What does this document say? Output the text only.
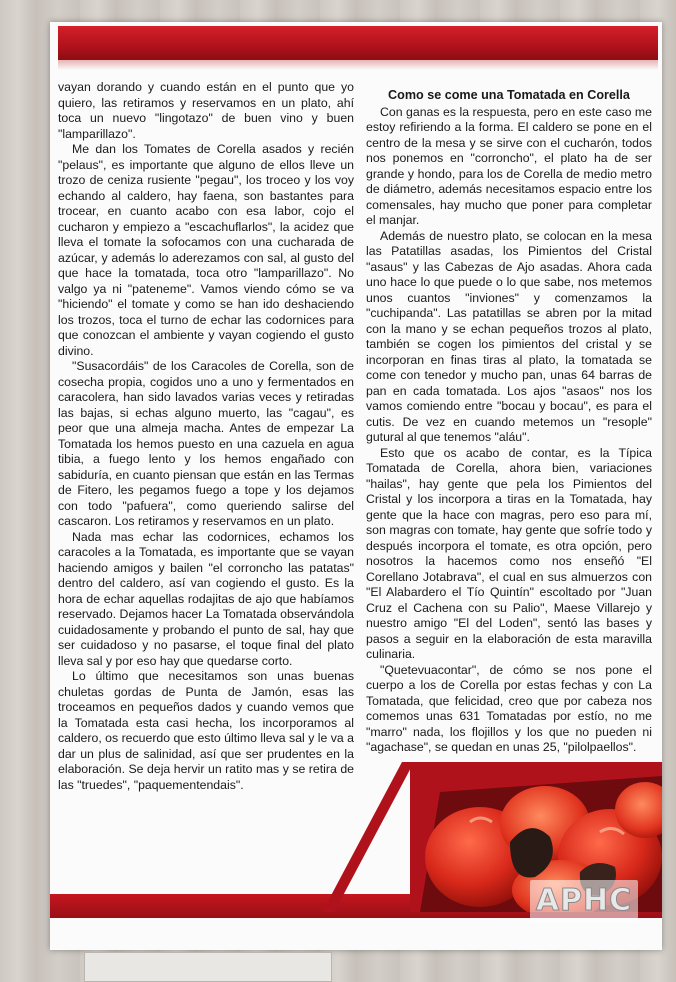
vayan dorando y cuando están en el punto que yo quiero, las retiramos y reservamos en un plato, ahí toca un nuevo "lingotazo" de buen vino y buen "lamparillazo".

Me dan los Tomates de Corella asados y recién "pelaus", es importante que alguno de ellos lleve un trozo de ceniza rusiente "pegau", los troceo y los voy echando al caldero, hay faena, son bastantes para trocear, en cuanto acabo con esa labor, cojo el cucharon y empiezo a "escachuflarlos", la acidez que lleva el tomate la sofocamos con una cucharada de azúcar, y además lo aderezamos con sal, al gusto del que hace la tomatada, toca otro "lamparillazo". No valgo ya ni "pateneme". Vamos viendo cómo se va "hiciendo" el tomate y como se han ido deshaciendo los trozos, toca el turno de echar las codornices para que conozcan el ambiente y vayan cogiendo el gusto divino.

"Susacordáis" de los Caracoles de Corella, son de cosecha propia, cogidos uno a uno y fermentados en caracolera, han sido lavados varias veces y retiradas las bajas, si echas alguno muerto, las "cagau", es peor que una almeja macha. Antes de empezar La Tomatada los hemos puesto en una cazuela en agua tibia, a fuego lento y los hemos engañado con sabiduría, en cuanto piensan que están en las Termas de Fitero, les pegamos fuego a tope y los dejamos con todo "pafuera", como queriendo salirse del cascaron. Los retiramos y reservamos en un plato.

Nada mas echar las codornices, echamos los caracoles a la Tomatada, es importante que se vayan haciendo amigos y bailen "el corroncho las patatas" dentro del caldero, así van cogiendo el gusto. Es la hora de echar aquellas rodajitas de ajo que habíamos reservado. Dejamos hacer La Tomatada observándola cuidadosamente y probando el punto de sal, hay que ser cuidadoso y no pasarse, el toque final del plato lleva sal y por eso hay que quedarse corto.

Lo último que necesitamos son unas buenas chuletas gordas de Punta de Jamón, esas las troceamos en pequeños dados y cuando vemos que la Tomatada esta casi hecha, los incorporamos al caldero, os recuerdo que esto último lleva sal y le va a dar un plus de salinidad, así que ser prudentes en la elaboración. Se deja hervir un ratito mas y se retira de las "truedes", "paquementendais".

Como se come una Tomatada en Corella

Con ganas es la respuesta, pero en este caso me estoy refiriendo a la forma. El caldero se pone en el centro de la mesa y se sirve con el cucharón, todos nos ponemos en "corroncho", el plato ha de ser grande y hondo, para los de Corella de medio metro de diámetro, además necesitamos espacio entre los comensales, hay mucho que poner para completar el manjar.

Además de nuestro plato, se colocan en la mesa las Patatillas asadas, los Pimientos del Cristal "asaus" y las Cabezas de Ajo asadas. Ahora cada uno hace lo que puede o lo que sabe, nos metemos unos cuantos "inviones" y comenzamos la "cuchipanda". Las patatillas se abren por la mitad con la mano y se echan pequeños trozos al plato, también se cogen los pimientos del cristal y se incorporan en finas tiras al plato, la tomatada se come con tenedor y mucho pan, unas 64 barras de pan en cada tomatada. Los ajos "asaos" nos los vamos comiendo entre "bocau y bocau", es para el cutis. De vez en cuando metemos un "resople" gutural al que tenemos "aláu".

Esto que os acabo de contar, es la Típica Tomatada de Corella, ahora bien, variaciones "hailas", hay gente que pela los Pimientos del Cristal y los incorpora a tiras en la Tomatada, hay gente que la hace con magras, pero eso para mí, son magras con tomate, hay gente que sofríe todo y después incorpora el tomate, es otra opción, pero nosotros la hacemos como nos enseñó "El Corellano Jotabrava", el cual en sus almuerzos con "El Alabardero el Tío Quintín" escoltado por "Juan Cruz el Cachena con su Palio", Maese Villarejo y nuestro amigo "El del Loden", sentó las bases y pasos a seguir en la elaboración de esta maravilla culinaria.

"Quetevuacontar", de cómo se nos pone el cuerpo a los de Corella por estas fechas y con La Tomatada, que felicidad, creo que por cabeza nos comemos unas 631 Tomatadas por estío, no me "marro" nada, los flojillos y los que no pueden ni "agachase", se quedan en unas 25, "pilolpaellos".

APHC
